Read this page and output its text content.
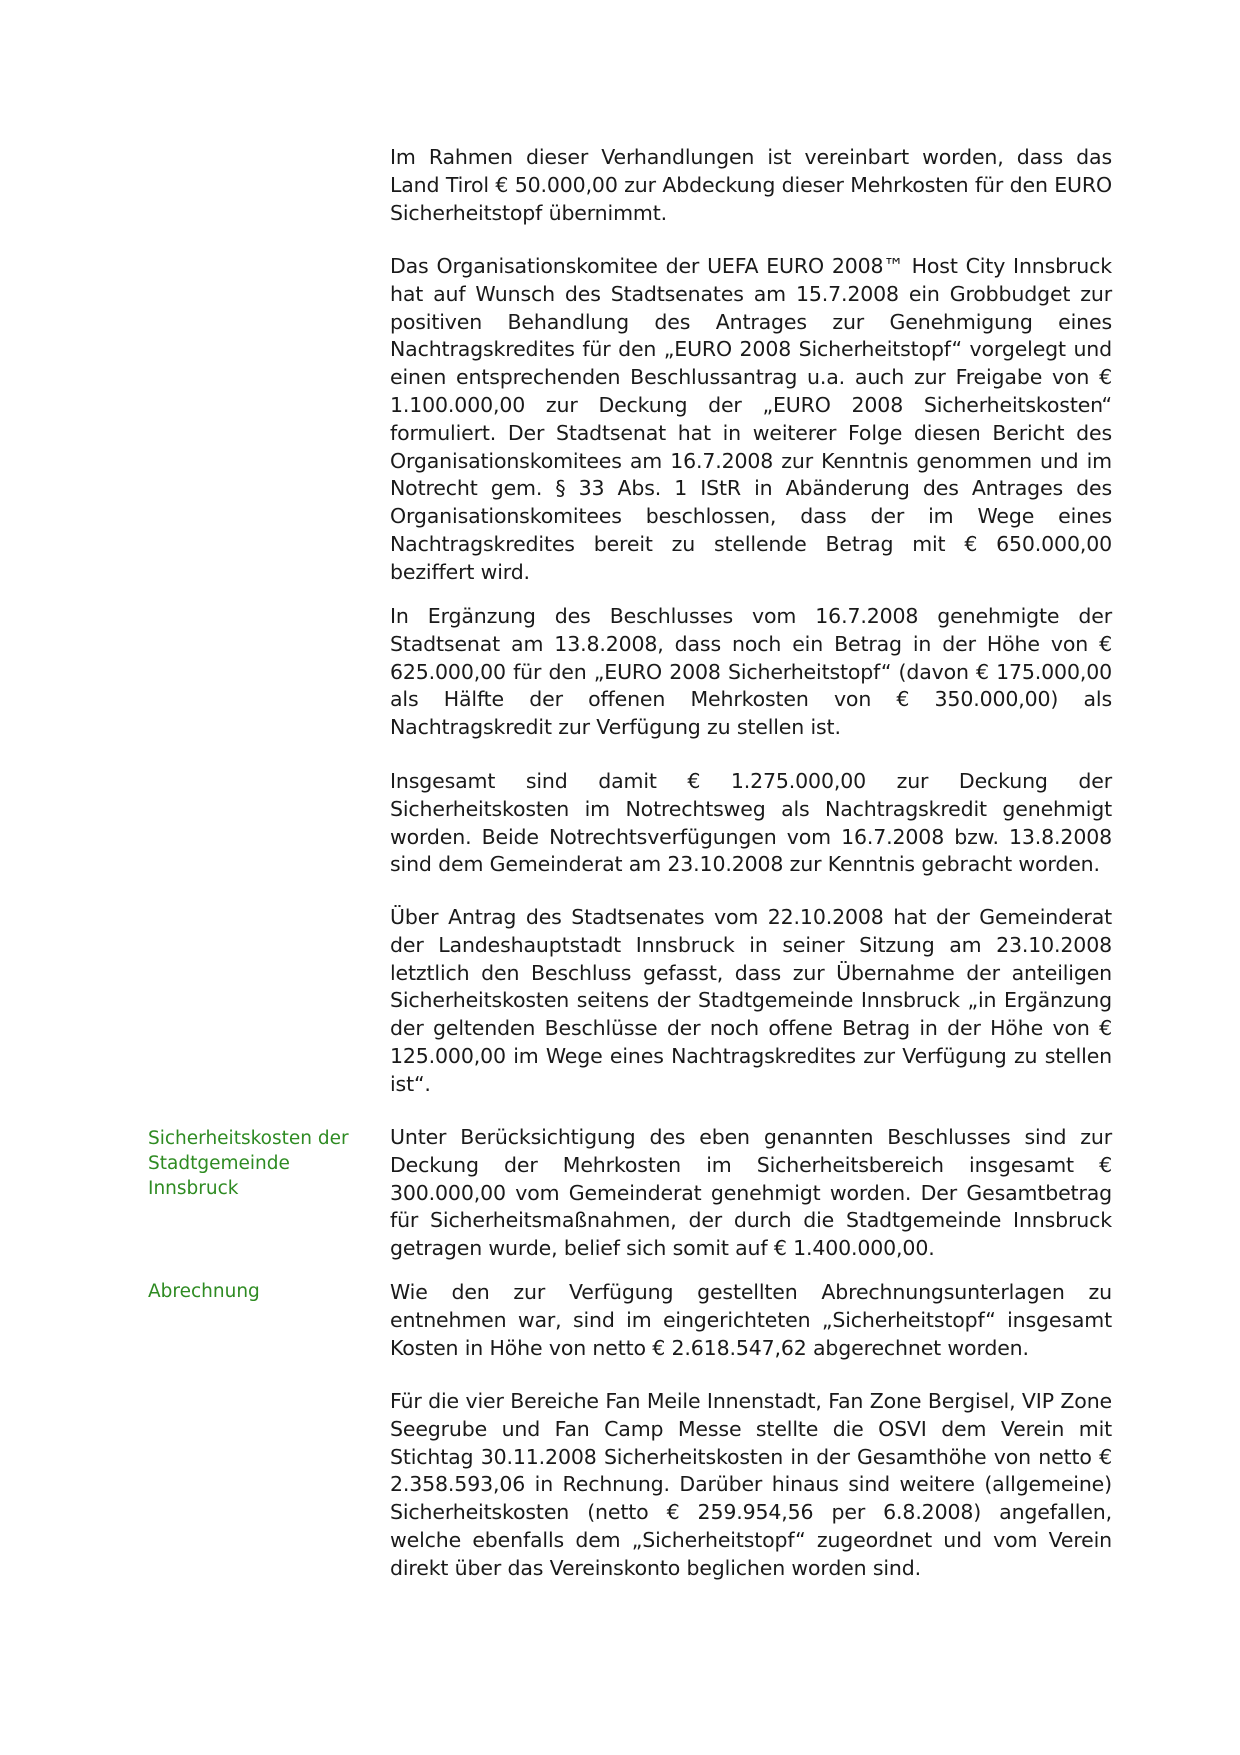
Im Rahmen dieser Verhandlungen ist vereinbart worden, dass das Land Tirol € 50.000,00 zur Abdeckung dieser Mehrkosten für den EURO Sicherheitstopf übernimmt.

Das Organisationskomitee der UEFA EURO 2008™ Host City Innsbruck hat auf Wunsch des Stadtsenates am 15.7.2008 ein Grobbudget zur positiven Behandlung des Antrages zur Genehmigung eines Nachtragskredites für den „EURO 2008 Sicherheitstopf“ vorgelegt und einen entsprechenden Beschlussantrag u.a. auch zur Freigabe von € 1.100.000,00 zur Deckung der „EURO 2008 Sicherheitskosten“ formuliert. Der Stadtsenat hat in weiterer Folge diesen Bericht des Organisationskomitees am 16.7.2008 zur Kenntnis genommen und im Notrecht gem. § 33 Abs. 1 IStR in Abänderung des Antrages des Organisationskomitees beschlossen, dass der im Wege eines Nachtragskredites bereit zu stellende Betrag mit € 650.000,00 beziffert wird.

In Ergänzung des Beschlusses vom 16.7.2008 genehmigte der Stadtsenat am 13.8.2008, dass noch ein Betrag in der Höhe von € 625.000,00 für den „EURO 2008 Sicherheitstopf“ (davon € 175.000,00 als Hälfte der offenen Mehrkosten von € 350.000,00) als Nachtragskredit zur Verfügung zu stellen ist.

Insgesamt sind damit € 1.275.000,00 zur Deckung der Sicherheitskosten im Notrechtsweg als Nachtragskredit genehmigt worden. Beide Notrechtsverfügungen vom 16.7.2008 bzw. 13.8.2008 sind dem Gemeinderat am 23.10.2008 zur Kenntnis gebracht worden.

Über Antrag des Stadtsenates vom 22.10.2008 hat der Gemeinderat der Landeshauptstadt Innsbruck in seiner Sitzung am 23.10.2008 letztlich den Beschluss gefasst, dass zur Übernahme der anteiligen Sicherheitskosten seitens der Stadtgemeinde Innsbruck „in Ergänzung der geltenden Beschlüsse der noch offene Betrag in der Höhe von € 125.000,00 im Wege eines Nachtragskredites zur Verfügung zu stellen ist“.

Sicherheitskosten der Stadtgemeinde Innsbruck

Unter Berücksichtigung des eben genannten Beschlusses sind zur Deckung der Mehrkosten im Sicherheitsbereich insgesamt € 300.000,00 vom Gemeinderat genehmigt worden. Der Gesamtbetrag für Sicherheitsmaßnahmen, der durch die Stadtgemeinde Innsbruck getragen wurde, belief sich somit auf € 1.400.000,00.

Abrechnung	Wie den zur Verfügung gestellten Abrechnungsunterlagen zu entnehmen war, sind im eingerichteten „Sicherheitstopf“ insgesamt Kosten in Höhe von netto € 2.618.547,62 abgerechnet worden.

Für die vier Bereiche Fan Meile Innenstadt, Fan Zone Bergisel, VIP Zone Seegrube und Fan Camp Messe stellte die OSVI dem Verein mit Stichtag 30.11.2008 Sicherheitskosten in der Gesamthöhe von netto € 2.358.593,06 in Rechnung. Darüber hinaus sind weitere (allgemeine) Sicherheitskosten (netto € 259.954,56 per 6.8.2008) angefallen, welche ebenfalls dem „Sicherheitstopf“ zugeordnet und vom Verein direkt über das Vereinskonto beglichen worden sind.
